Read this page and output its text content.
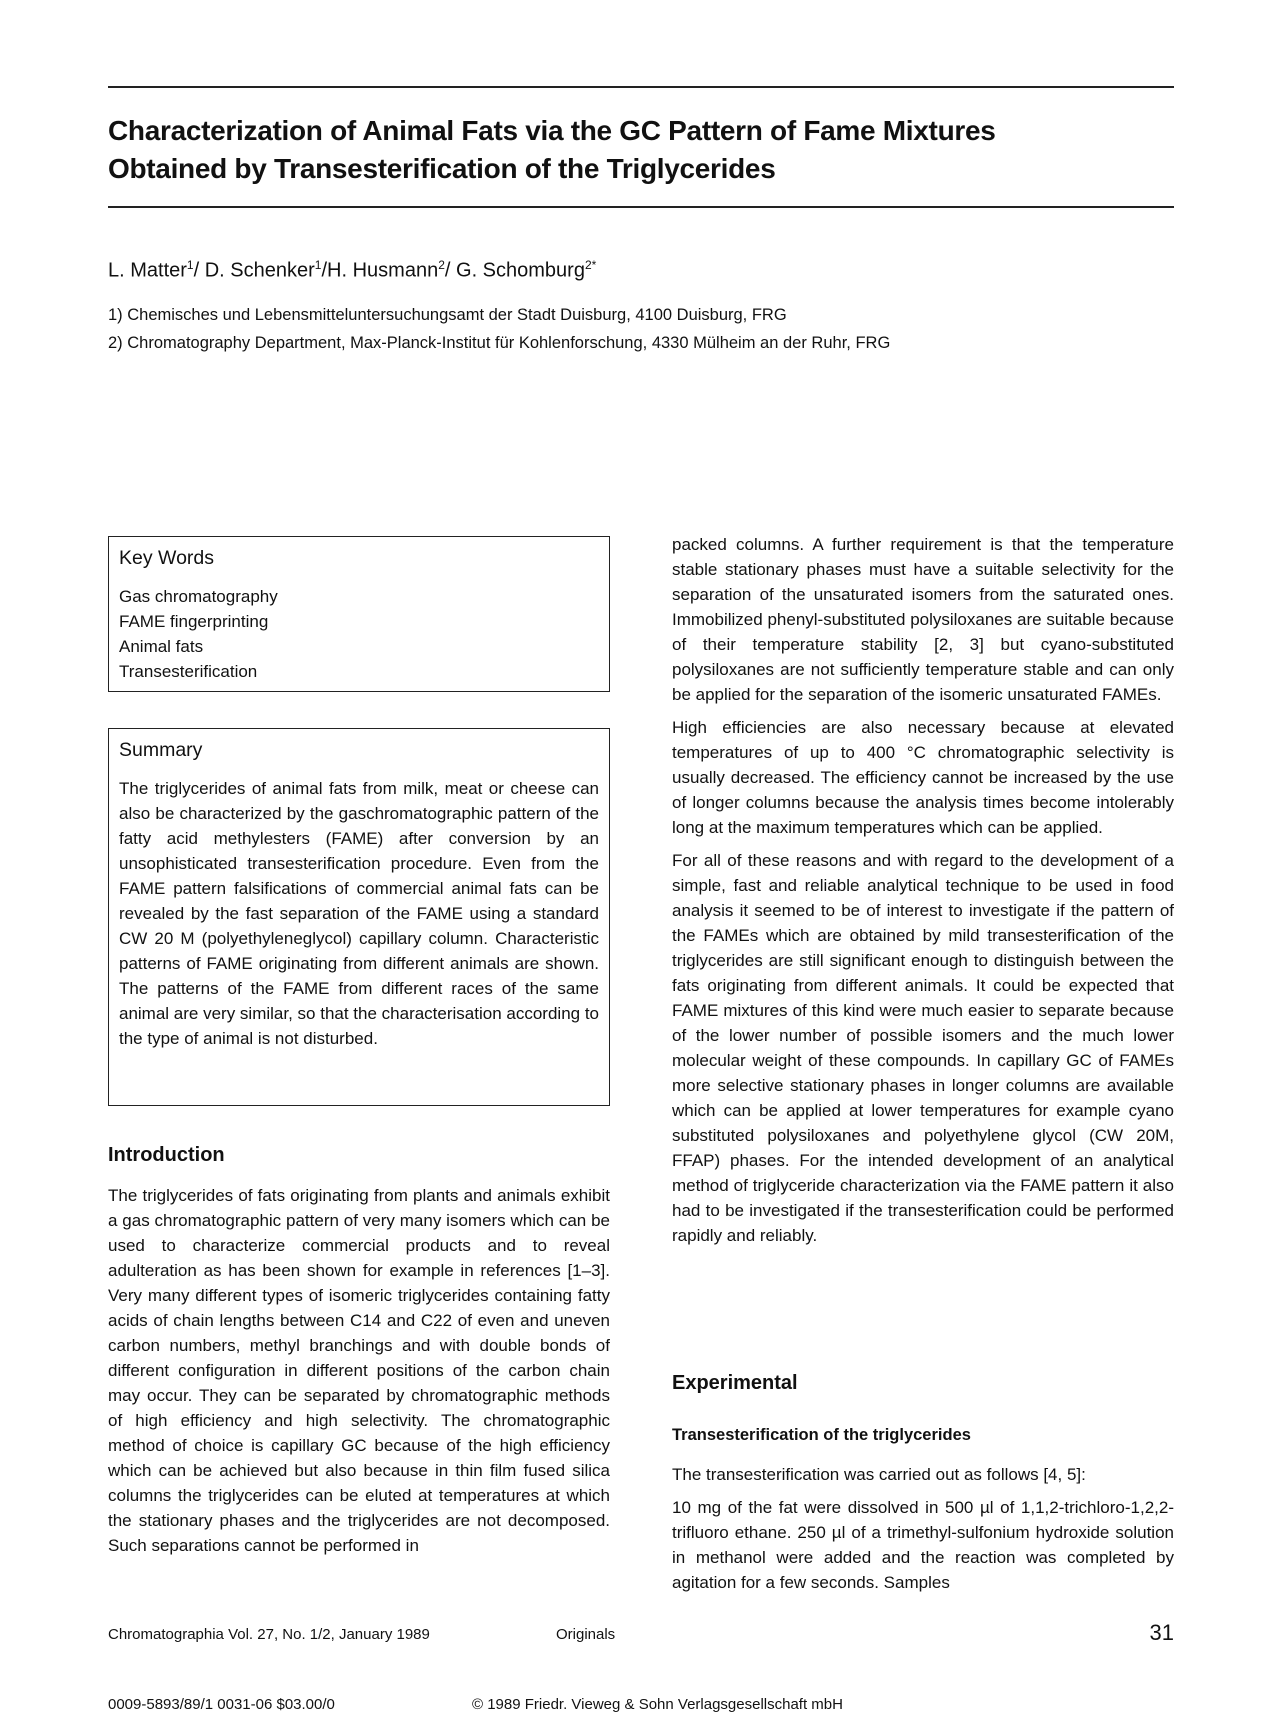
Characterization of Animal Fats via the GC Pattern of Fame Mixtures
Obtained by Transesterification of the Triglycerides

L. Matter$^1$/ D. Schenker$^1$/H. Husmann$^2$/ G. Schomburg$^{2*}$

1) Chemisches und Lebensmitteluntersuchungsamt der Stadt Duisburg, 4100 Duisburg, FRG

2) Chromatography Department, Max-Planck-Institut für Kohlenforschung, 4330 Mülheim an der Ruhr, FRG

Key Words

Gas chromatography

FAME fingerprinting

Animal fats

Transesterification

Summary

The triglycerides of animal fats from milk, meat or cheese can also be characterized by the gaschromatographic pattern of the fatty acid methylesters (FAME) after conversion by an unsophisticated transesterification procedure. Even from the FAME pattern falsifications of commercial animal fats can be revealed by the fast separation of the FAME using a standard CW 20 M (polyethyleneglycol) capillary column. Characteristic patterns of FAME originating from different animals are shown. The patterns of the FAME from different races of the same animal are very similar, so that the characterisation according to the type of animal is not disturbed.

Introduction

The triglycerides of fats originating from plants and animals exhibit a gas chromatographic pattern of very many isomers which can be used to characterize commercial products and to reveal adulteration as has been shown for example in references [1–3]. Very many different types of isomeric triglycerides containing fatty acids of chain lengths between C14 and C22 of even and uneven carbon numbers, methyl branchings and with double bonds of different configuration in different positions of the carbon chain may occur. They can be separated by chromatographic methods of high efficiency and high selectivity. The chromatographic method of choice is capillary GC because of the high efficiency which can be achieved but also because in thin film fused silica columns the triglycerides can be eluted at temperatures at which the stationary phases and the triglycerides are not decomposed. Such separations cannot be performed in

packed columns. A further requirement is that the temperature stable stationary phases must have a suitable selectivity for the separation of the unsaturated isomers from the saturated ones. Immobilized phenyl-substituted polysiloxanes are suitable because of their temperature stability [2, 3] but cyano-substituted polysiloxanes are not sufficiently temperature stable and can only be applied for the separation of the isomeric unsaturated FAMEs.

High efficiencies are also necessary because at elevated temperatures of up to 400 °C chromatographic selectivity is usually decreased. The efficiency cannot be increased by the use of longer columns because the analysis times become intolerably long at the maximum temperatures which can be applied.

For all of these reasons and with regard to the development of a simple, fast and reliable analytical technique to be used in food analysis it seemed to be of interest to investigate if the pattern of the FAMEs which are obtained by mild transesterification of the triglycerides are still significant enough to distinguish between the fats originating from different animals. It could be expected that FAME mixtures of this kind were much easier to separate because of the lower number of possible isomers and the much lower molecular weight of these compounds. In capillary GC of FAMEs more selective stationary phases in longer columns are available which can be applied at lower temperatures for example cyano substituted polysiloxanes and polyethylene glycol (CW 20M, FFAP) phases. For the intended development of an analytical method of triglyceride characterization via the FAME pattern it also had to be investigated if the transesterification could be performed rapidly and reliably.

Experimental
Transesterification of the triglycerides

The transesterification was carried out as follows [4, 5]:

10 mg of the fat were dissolved in 500 µl of 1,1,2-trichloro-1,2,2-trifluoro ethane. 250 µl of a trimethyl-sulfonium hydroxide solution in methanol were added and the reaction was completed by agitation for a few seconds. Samples

Chromatographia Vol. 27, No. 1/2, January 1989	Originals	31
0009-5893/89/1 0031-06 $03.00/0	© 1989 Friedr. Vieweg & Sohn Verlagsgesellschaft mbH
